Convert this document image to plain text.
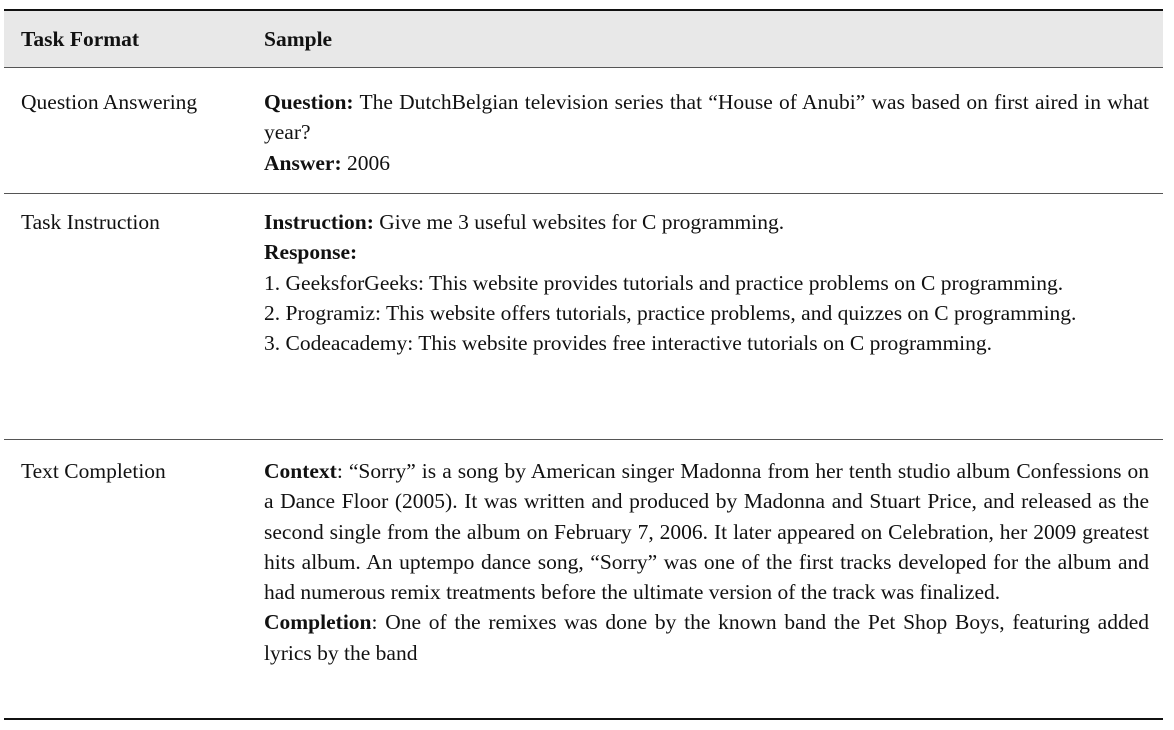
Task Format	Sample
Question Answering	Question: The DutchBelgian television series that “House of Anubi” was based on first aired in what year?
Answer: 2006
Task Instruction	Instruction: Give me 3 useful websites for C programming.
Response:
1. GeeksforGeeks: This website provides tutorials and practice problems on C programming.
2. Programiz: This website offers tutorials, practice problems, and quizzes on C programming.
3. Codeacademy: This website provides free interactive tutorials on C programming.
Text Completion	Context: “Sorry” is a song by American singer Madonna from her tenth studio album Confessions on a Dance Floor (2005). It was written and produced by Madonna and Stuart Price, and released as the second single from the album on February 7, 2006. It later appeared on Celebration, her 2009 greatest hits album. An uptempo dance song, “Sorry” was one of the first tracks developed for the album and had numerous remix treatments before the ultimate version of the track was finalized.
Completion: One of the remixes was done by the known band the Pet Shop Boys, featuring added lyrics by the band
